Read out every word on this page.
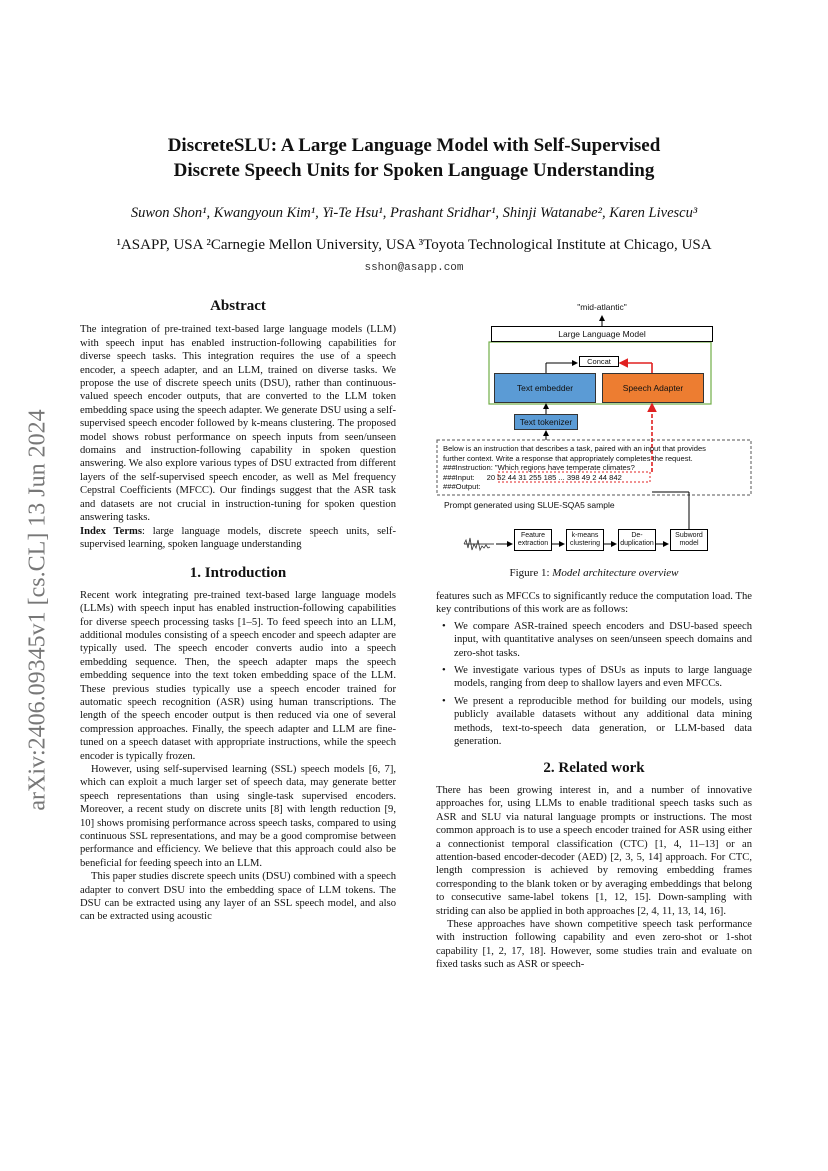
DiscreteSLU: A Large Language Model with Self-Supervised
Discrete Speech Units for Spoken Language Understanding
Suwon Shon¹, Kwangyoun Kim¹, Yi-Te Hsu¹, Prashant Sridhar¹, Shinji Watanabe², Karen Livescu³
¹ASAPP, USA ²Carnegie Mellon University, USA ³Toyota Technological Institute at Chicago, USA
sshon@asapp.com
arXiv:2406.09345v1 [cs.CL] 13 Jun 2024
Abstract

The integration of pre-trained text-based large language models (LLM) with speech input has enabled instruction-following capabilities for diverse speech tasks. This integration requires the use of a speech encoder, a speech adapter, and an LLM, trained on diverse tasks. We propose the use of discrete speech units (DSU), rather than continuous-valued speech encoder outputs, that are converted to the LLM token embedding space using the speech adapter. We generate DSU using a self-supervised speech encoder followed by k-means clustering. The proposed model shows robust performance on speech inputs from seen/unseen domains and instruction-following capability in spoken question answering. We also explore various types of DSU extracted from different layers of the self-supervised speech encoder, as well as Mel frequency Cepstral Coefficients (MFCC). Our findings suggest that the ASR task and datasets are not crucial in instruction-tuning for spoken question answering tasks.

Index Terms: large language models, discrete speech units, self-supervised learning, spoken language understanding

1. Introduction

Recent work integrating pre-trained text-based large language models (LLMs) with speech input has enabled instruction-following capabilities for diverse speech processing tasks [1–5]. To feed speech into an LLM, additional modules consisting of a speech encoder and speech adapter are typically used. The speech encoder converts audio into a speech embedding sequence. Then, the speech adapter maps the speech embedding sequence into the text token embedding space of the LLM. These previous studies typically use a speech encoder trained for automatic speech recognition (ASR) using human transcriptions. The length of the speech encoder output is then reduced via one of several compression approaches. Finally, the speech adapter and LLM are fine-tuned on a speech dataset with appropriate instructions, while the speech encoder is typically frozen.

However, using self-supervised learning (SSL) speech models [6, 7], which can exploit a much larger set of speech data, may generate better speech representations than using single-task supervised encoders. Moreover, a recent study on discrete units [8] with length reduction [9, 10] shows promising performance across speech tasks, compared to using continuous SSL representations, and may be a good compromise between performance and efficiency. We believe that this approach could also be beneficial for feeding speech into an LLM.

This paper studies discrete speech units (DSU) combined with a speech adapter to convert DSU into the embedding space of LLM tokens. The DSU can be extracted using any layer of an SSL speech model, and also can be extracted using acoustic

"mid-atlantic"
Large Language Model
Concat
Text embedder	Speech Adapter
Text tokenizer
Below is an instruction that describes a task, paired with an input that provides
further context. Write a response that appropriately completes the request.
###Instruction: "Which regions have temperate climates?
###Input: 20 52 44 31 255 185 ... 398 49 2 44 842
###Output:
Prompt generated using SLUE-SQA5 sample
Feature extraction
k-means clustering
De-duplication
Subword model
Figure 1: Model architecture overview

features such as MFCCs to significantly reduce the computation load. The key contributions of this work are as follows:

• We compare ASR-trained speech encoders and DSU-based speech input, with quantitative analyses on seen/unseen speech domains and zero-shot tasks.
• We investigate various types of DSUs as inputs to large language models, ranging from deep to shallow layers and even MFCCs.
• We present a reproducible method for building our models, using publicly available datasets without any additional data mining methods, text-to-speech data generation, or LLM-based data generation.
2. Related work

There has been growing interest in, and a number of innovative approaches for, using LLMs to enable traditional speech tasks such as ASR and SLU via natural language prompts or instructions. The most common approach is to use a speech encoder trained for ASR using either a connectionist temporal classification (CTC) [1, 4, 11–13] or an attention-based encoder-decoder (AED) [2, 3, 5, 14] approach. For CTC, length compression is achieved by removing embedding frames corresponding to the blank token or by averaging embeddings that belong to consecutive same-label tokens [1, 12, 15]. Down-sampling with striding can also be applied in both approaches [2, 4, 11, 13, 14, 16].

These approaches have shown competitive speech task performance with instruction following capability and even zero-shot or 1-shot capability [1, 2, 17, 18]. However, some studies train and evaluate on fixed tasks such as ASR or speech-
